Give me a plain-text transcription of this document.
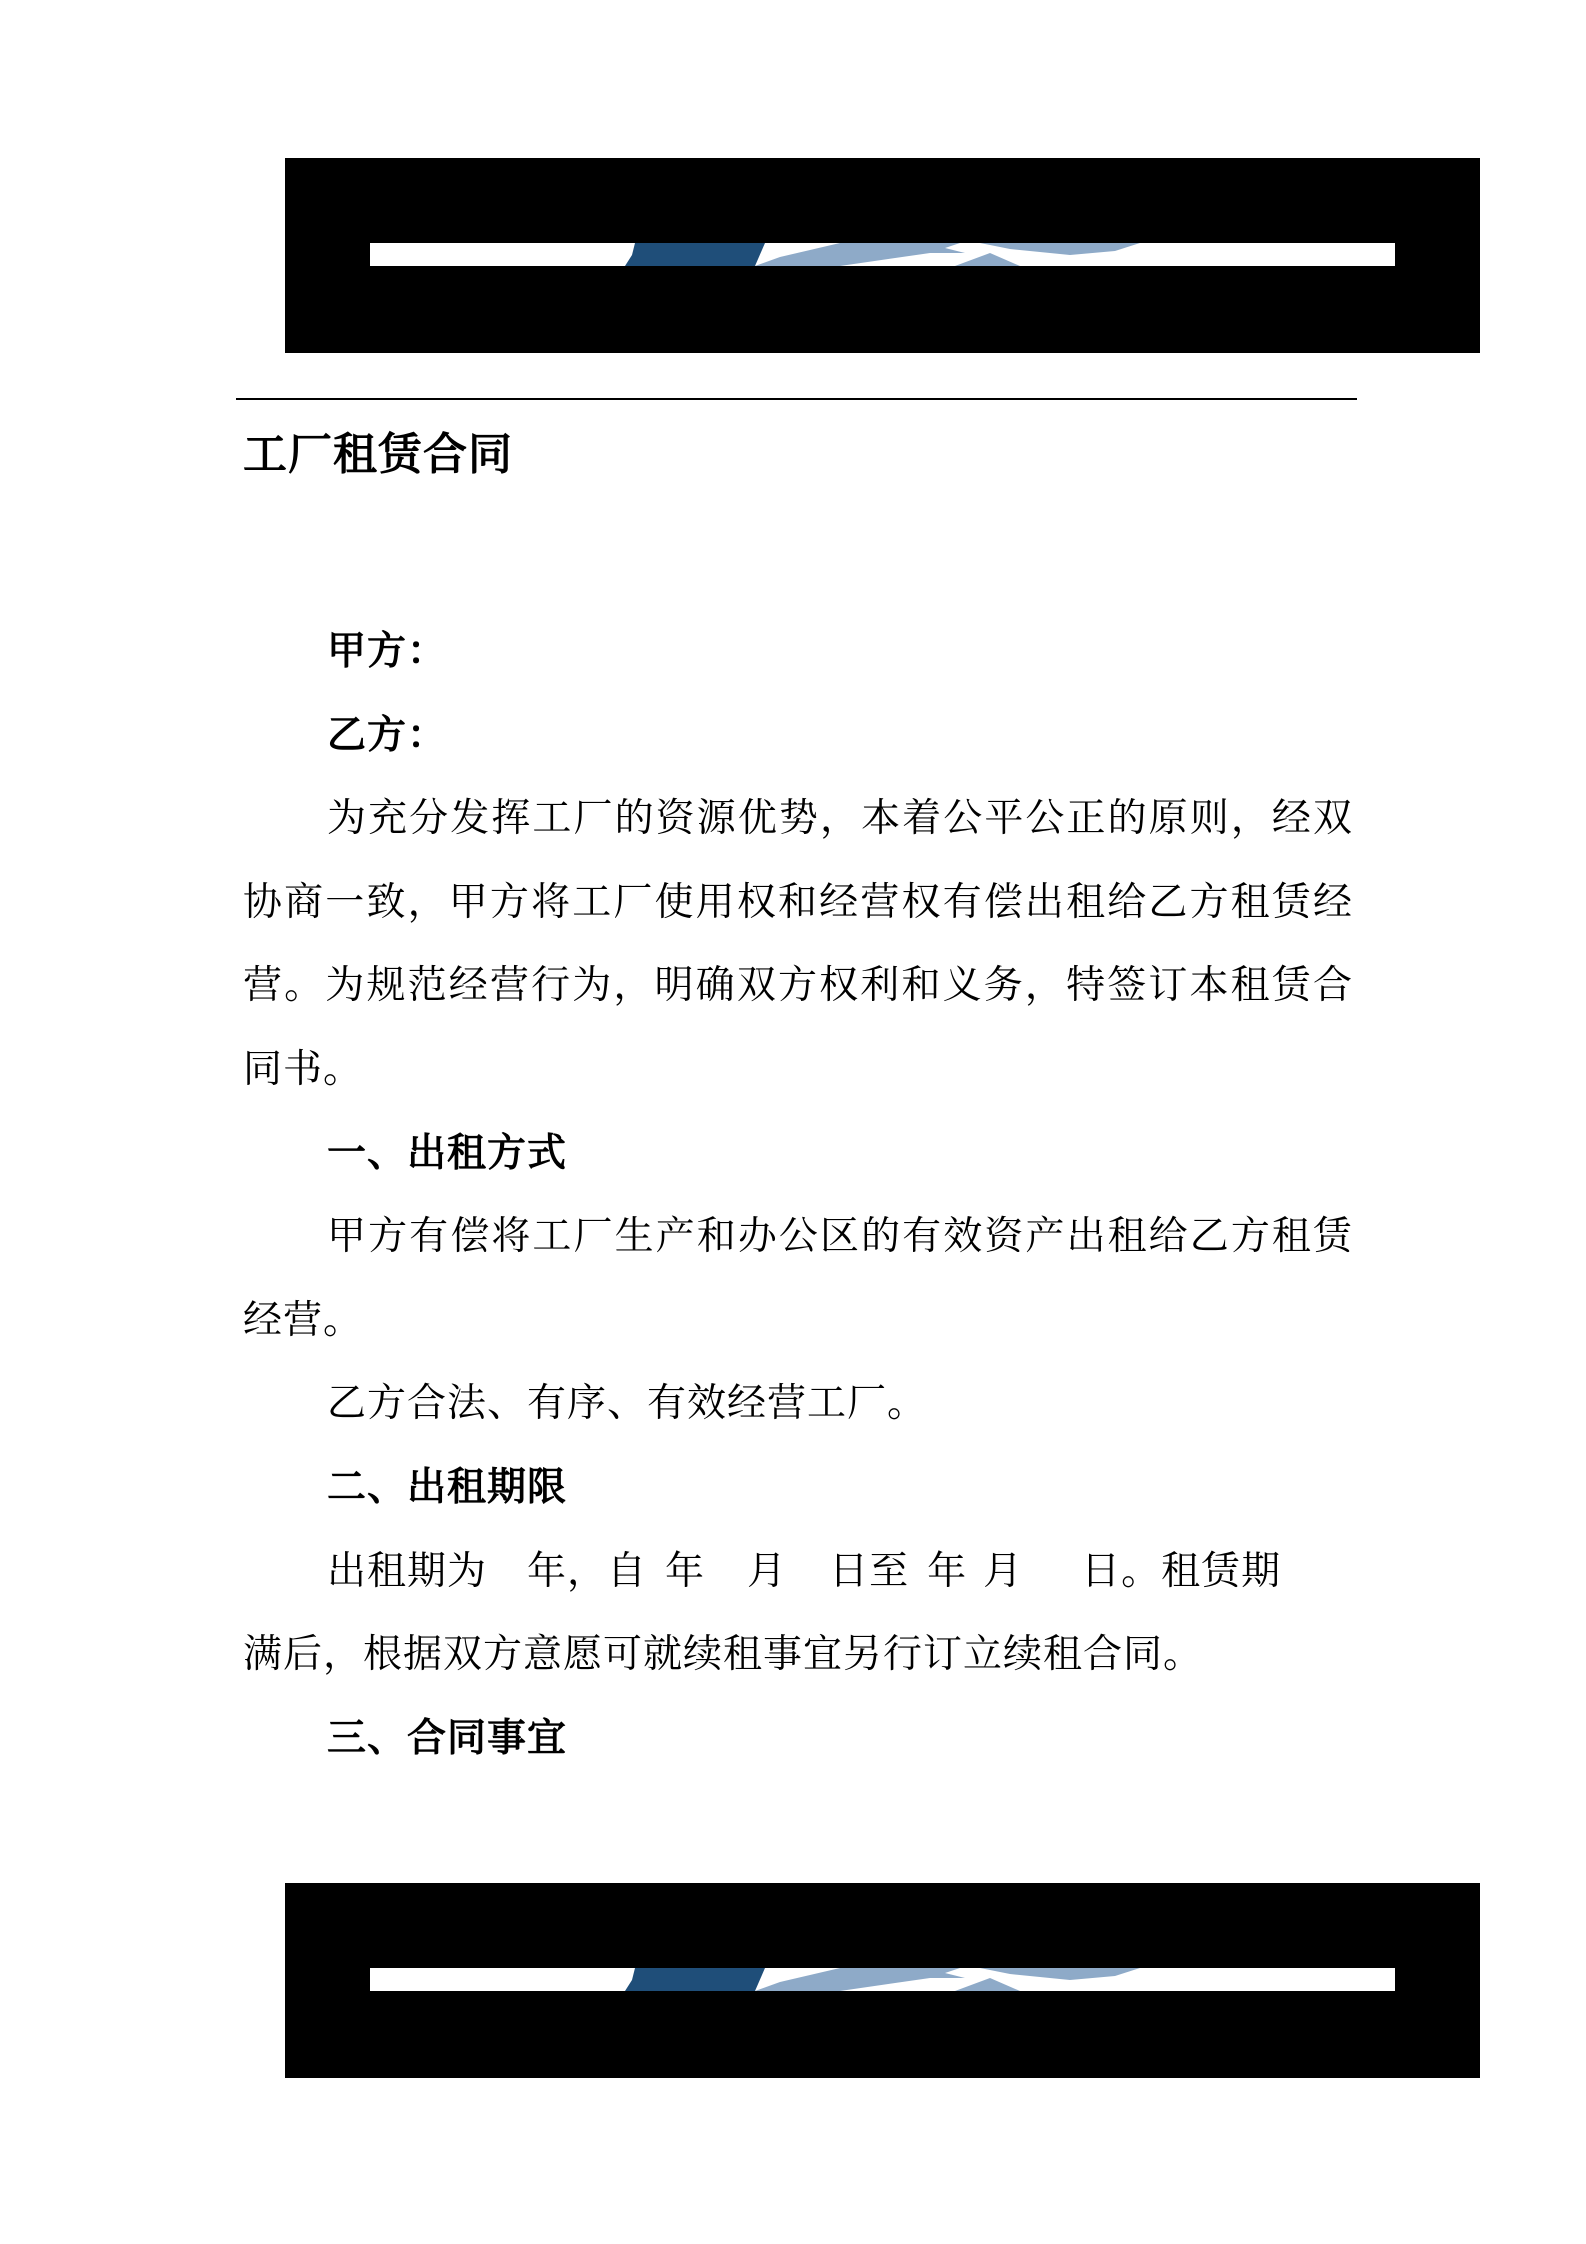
工厂租赁合同

甲方：

乙方：

为充分发挥工厂的资源优势，本着公平公正的原则，经双协商一致，甲方将工厂使用权和经营权有偿出租给乙方租赁经营。为规范经营行为，明确双方权利和义务，特签订本租赁合同书。

一、出租方式

甲方有偿将工厂生产和办公区的有效资产出租给乙方租赁经营。

乙方合法、有序、有效经营工厂。

二、出租期限

出租期为 年，自 年 月 日至 年 月 日。租赁期
满后，根据双方意愿可就续租事宜另行订立续租合同。

三、合同事宜
